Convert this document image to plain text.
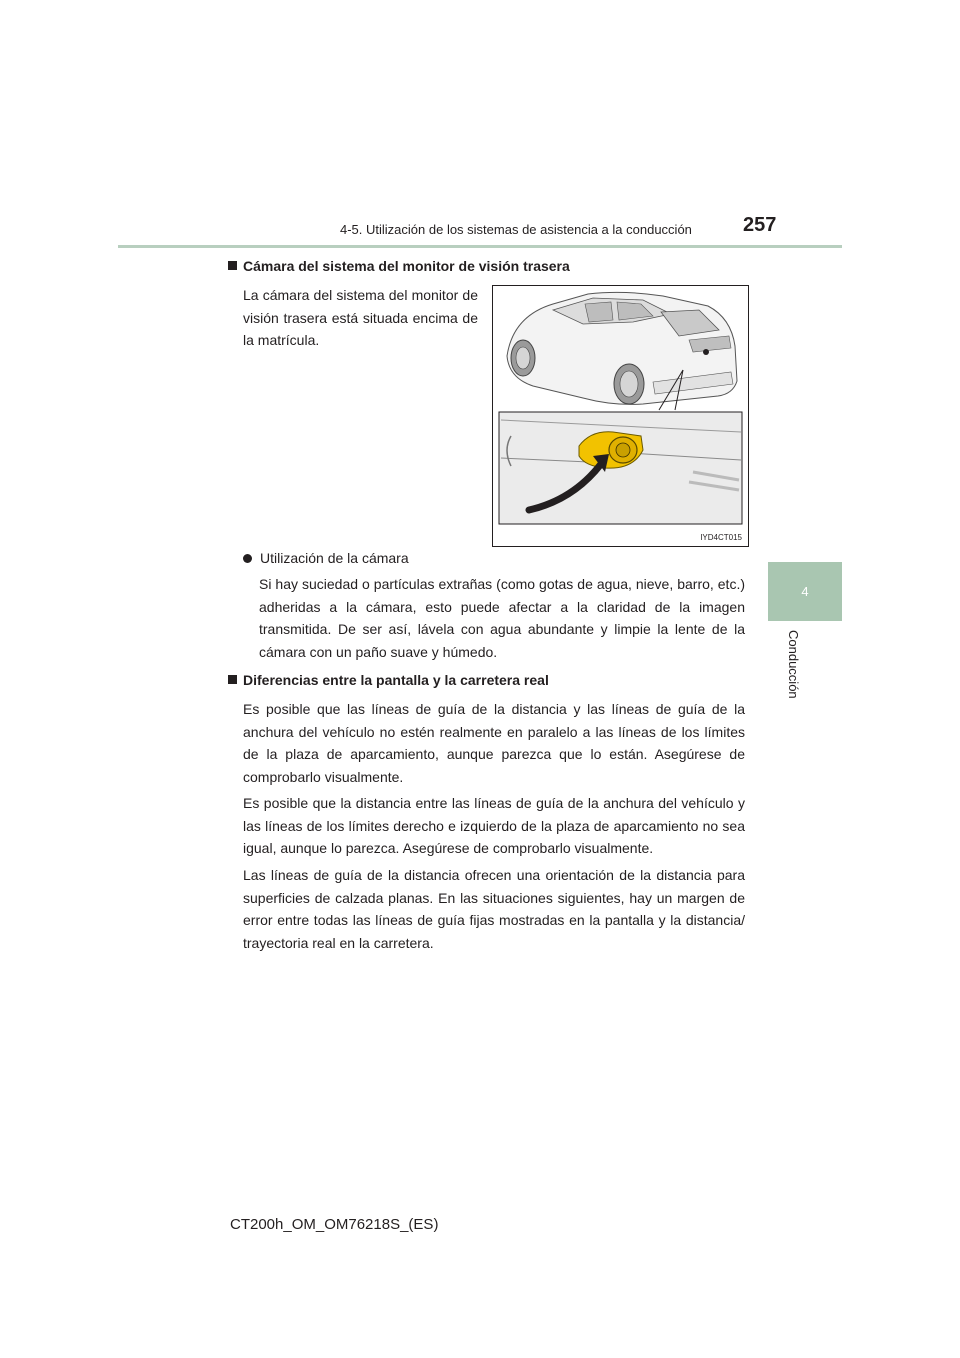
4-5. Utilización de los sistemas de asistencia a la conducción	257
4
Conducción
Cámara del sistema del monitor de visión trasera

La cámara del sistema del monitor de visión trasera está situada encima de la matrícula.

IYD4CT015
Utilización de la cámara

Si hay suciedad o partículas extrañas (como gotas de agua, nieve, barro, etc.) adheridas a la cámara, esto puede afectar a la claridad de la imagen transmitida. De ser así, lávela con agua abundante y limpie la lente de la cámara con un paño suave y húmedo.

Diferencias entre la pantalla y la carretera real

Es posible que las líneas de guía de la distancia y las líneas de guía de la anchura del vehículo no estén realmente en paralelo a las líneas de los límites de la plaza de aparcamiento, aunque parezca que lo están. Asegúrese de comprobarlo visualmente.

Es posible que la distancia entre las líneas de guía de la anchura del vehículo y las líneas de los límites derecho e izquierdo de la plaza de aparcamiento no sea igual, aunque lo parezca. Asegúrese de comprobarlo visualmente.

Las líneas de guía de la distancia ofrecen una orientación de la distancia para superficies de calzada planas. En las situaciones siguientes, hay un margen de error entre todas las líneas de guía fijas mostradas en la pantalla y la distancia/ trayectoria real en la carretera.

CT200h_OM_OM76218S_(ES)
